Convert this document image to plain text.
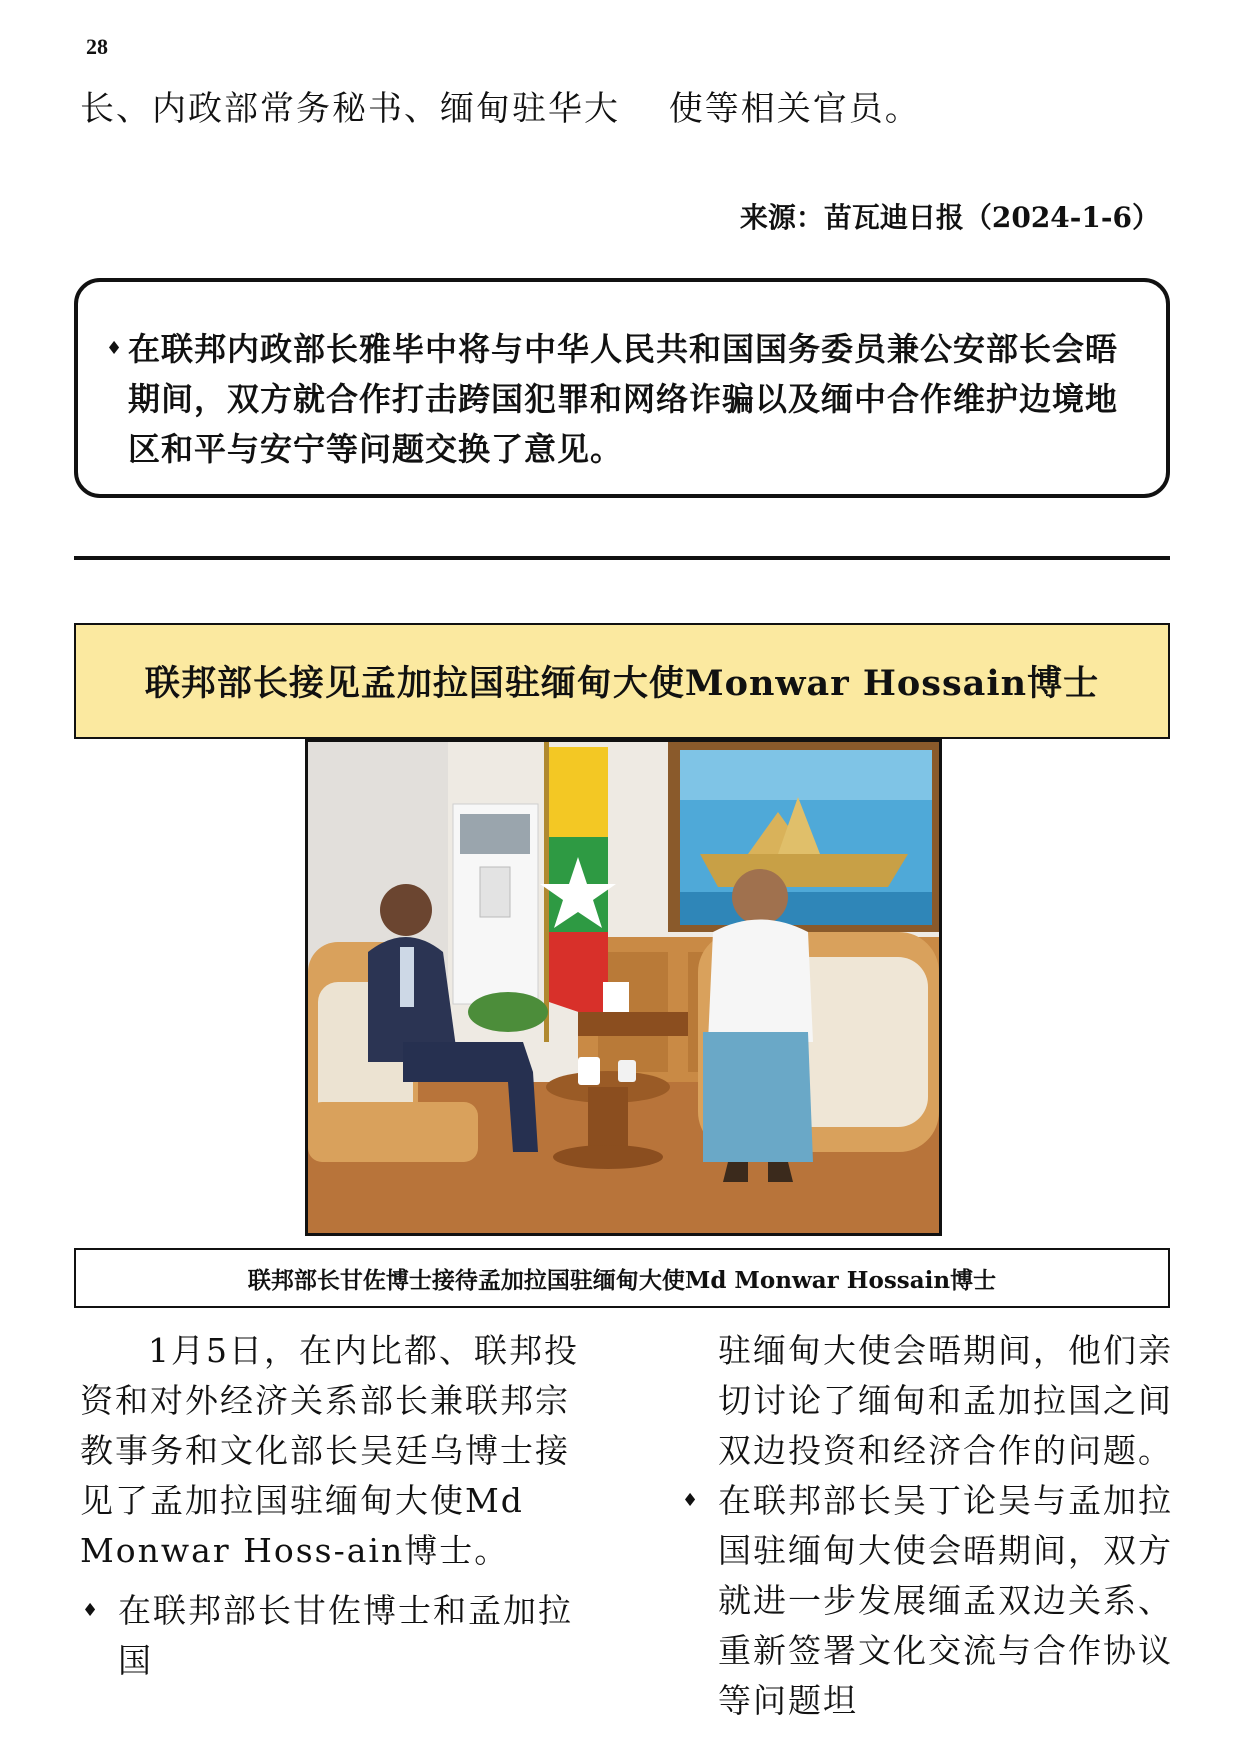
28
长、内政部常务秘书、缅甸驻华大　 使等相关官员。
来源：苗瓦迪日报（2024-1-6）
♦ 在联邦内政部长雅毕中将与中华人民共和国国务委员兼公安部长会晤期间，双方就合作打击跨国犯罪和网络诈骗以及缅中合作维护边境地区和平与安宁等问题交换了意见。
联邦部长接见孟加拉国驻缅甸大使Monwar Hossain博士
联邦部长甘佐博士接待孟加拉国驻缅甸大使Md Monwar Hossain博士

1月5日，在内比都、联邦投资和对外经济关系部长兼联邦宗教事务和文化部长吴廷乌博士接见了孟加拉国驻缅甸大使Md Monwar Hoss-ain博士。

♦ 在联邦部长甘佐博士和孟加拉国
驻缅甸大使会晤期间，他们亲切讨论了缅甸和孟加拉国之间双边投资和经济合作的问题。
♦ 在联邦部长吴丁论吴与孟加拉国驻缅甸大使会晤期间，双方就进一步发展缅孟双边关系、重新签署文化交流与合作协议等问题坦
